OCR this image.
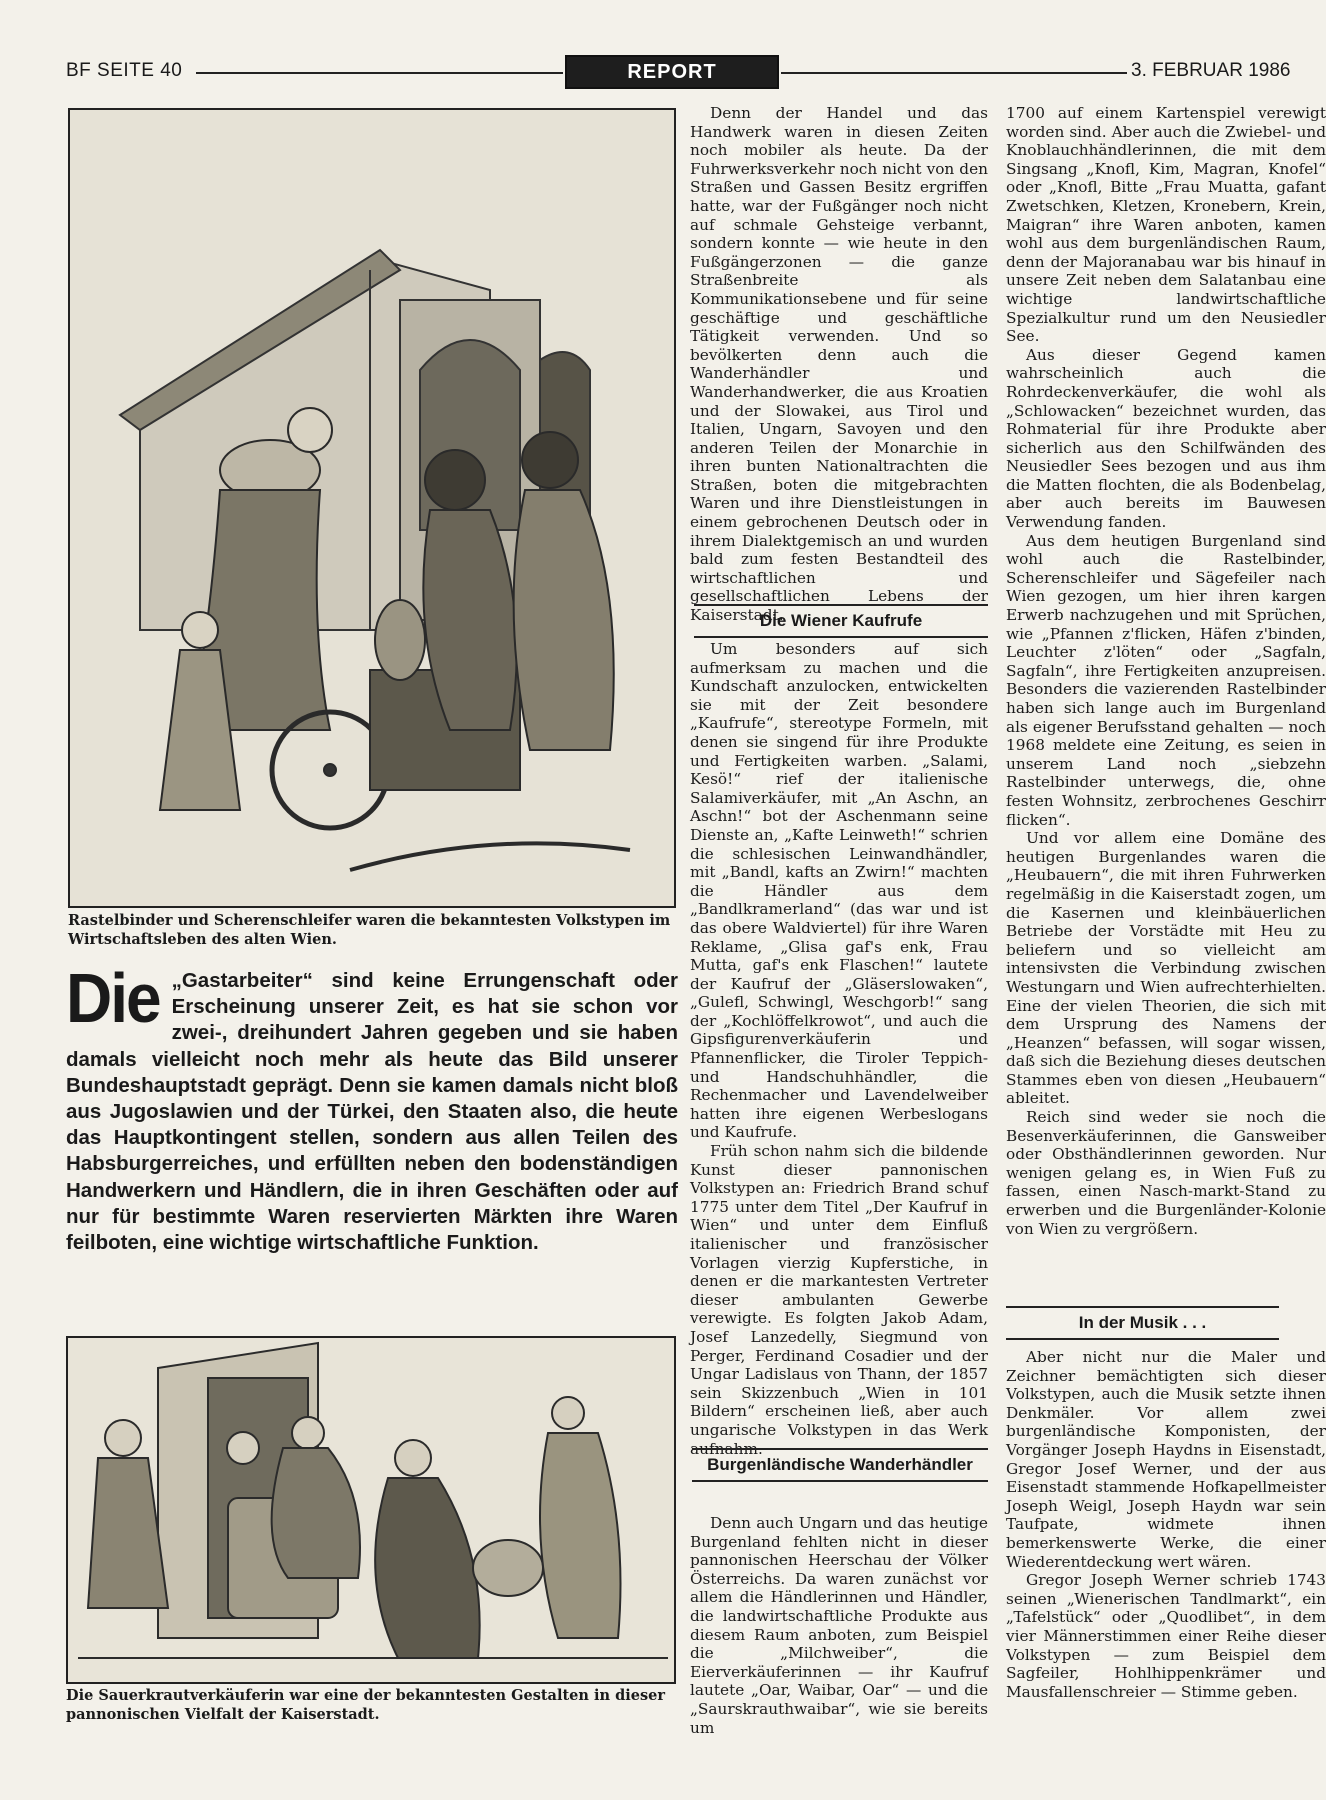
BF SEITE 40	REPORT	3. FEBRUAR 1986
Rastelbinder und Scherenschleifer waren die bekanntesten Volkstypen im Wirtschaftsleben des alten Wien.
Die „Gastarbeiter“ sind keine Errungenschaft oder Erscheinung unserer Zeit, es hat sie schon vor zwei-, dreihundert Jahren gegeben und sie haben damals vielleicht noch mehr als heute das Bild unserer Bundeshauptstadt geprägt. Denn sie kamen damals nicht bloß aus Jugoslawien und der Türkei, den Staaten also, die heute das Hauptkontingent stellen, sondern aus allen Teilen des Habsburgerreiches, und erfüllten neben den bodenständigen Handwerkern und Händlern, die in ihren Geschäften oder auf nur für bestimmte Waren reservierten Märkten ihre Waren feilboten, eine wichtige wirtschaftliche Funktion.
Die Sauerkrautverkäuferin war eine der bekanntesten Gestalten in dieser pannonischen Vielfalt der Kaiserstadt.

Denn der Handel und das Handwerk waren in diesen Zeiten noch mobiler als heute. Da der Fuhrwerksverkehr noch nicht von den Straßen und Gassen Besitz ergriffen hatte, war der Fußgänger noch nicht auf schmale Gehsteige verbannt, sondern konnte — wie heute in den Fußgängerzonen — die ganze Straßenbreite als Kommunikationsebene und für seine geschäftige und geschäftliche Tätigkeit verwenden. Und so bevölkerten denn auch die Wanderhändler und Wanderhandwerker, die aus Kroatien und der Slowakei, aus Tirol und Italien, Ungarn, Savoyen und den anderen Teilen der Monarchie in ihren bunten Nationaltrachten die Straßen, boten die mitgebrachten Waren und ihre Dienstleistungen in einem gebrochenen Deutsch oder in ihrem Dialektgemisch an und wurden bald zum festen Bestandteil des wirtschaftlichen und gesellschaftlichen Lebens der Kaiserstadt.

Die Wiener Kaufrufe

Um besonders auf sich aufmerksam zu machen und die Kundschaft anzulocken, entwickelten sie mit der Zeit besondere „Kaufrufe“, stereotype Formeln, mit denen sie singend für ihre Produkte und Fertigkeiten warben. „Salami, Kesö!“ rief der italienische Salamiverkäufer, mit „An Aschn, an Aschn!“ bot der Aschenmann seine Dienste an, „Kafte Leinweth!“ schrien die schlesischen Leinwandhändler, mit „Bandl, kafts an Zwirn!“ machten die Händler aus dem „Bandlkramerland“ (das war und ist das obere Waldviertel) für ihre Waren Reklame, „Glisa gaf's enk, Frau Mutta, gaf's enk Flaschen!“ lautete der Kaufruf der „Gläserslowaken“, „Gulefl, Schwingl, Weschgorb!“ sang der „Kochlöffelkrowot“, und auch die Gipsfigurenverkäuferin und Pfannenflicker, die Tiroler Teppich- und Handschuhhändler, die Rechenmacher und Lavendelweiber hatten ihre eigenen Werbeslogans und Kaufrufe.

Früh schon nahm sich die bildende Kunst dieser pannonischen Volkstypen an: Friedrich Brand schuf 1775 unter dem Titel „Der Kaufruf in Wien“ und unter dem Einfluß italienischer und französischer Vorlagen vierzig Kupferstiche, in denen er die markantesten Vertreter dieser ambulanten Gewerbe verewigte. Es folgten Jakob Adam, Josef Lanzedelly, Siegmund von Perger, Ferdinand Cosadier und der Ungar Ladislaus von Thann, der 1857 sein Skizzenbuch „Wien in 101 Bildern“ erscheinen ließ, aber auch ungarische Volkstypen in das Werk aufnahm.

Burgenländische Wanderhändler

Denn auch Ungarn und das heutige Burgenland fehlten nicht in dieser pannonischen Heerschau der Völker Österreichs. Da waren zunächst vor allem die Händlerinnen und Händler, die landwirtschaftliche Produkte aus diesem Raum anboten, zum Beispiel die „Milchweiber“, die Eierverkäuferinnen — ihr Kaufruf lautete „Oar, Waibar, Oar“ — und die „Saurskrauthwaibar“, wie sie bereits um

1700 auf einem Kartenspiel verewigt worden sind. Aber auch die Zwiebel- und Knoblauchhändlerinnen, die mit dem Singsang „Knofl, Kim, Magran, Knofel“ oder „Knofl, Bitte „Frau Muatta, gafant Zwetschken, Kletzen, Kronebern, Krein, Maigran“ ihre Waren anboten, kamen wohl aus dem burgenländischen Raum, denn der Majoranabau war bis hinauf in unsere Zeit neben dem Salatanbau eine wichtige landwirtschaftliche Spezialkultur rund um den Neusiedler See.

Aus dieser Gegend kamen wahrscheinlich auch die Rohrdeckenverkäufer, die wohl als „Schlowacken“ bezeichnet wurden, das Rohmaterial für ihre Produkte aber sicherlich aus den Schilfwänden des Neusiedler Sees bezogen und aus ihm die Matten flochten, die als Bodenbelag, aber auch bereits im Bauwesen Verwendung fanden.

Aus dem heutigen Burgenland sind wohl auch die Rastelbinder, Scherenschleifer und Sägefeiler nach Wien gezogen, um hier ihren kargen Erwerb nachzugehen und mit Sprüchen, wie „Pfannen z'flicken, Häfen z'binden, Leuchter z'löten“ oder „Sagfaln, Sagfaln“, ihre Fertigkeiten anzupreisen. Besonders die vazierenden Rastelbinder haben sich lange auch im Burgenland als eigener Berufsstand gehalten — noch 1968 meldete eine Zeitung, es seien in unserem Land noch „siebzehn Rastelbinder unterwegs, die, ohne festen Wohnsitz, zerbrochenes Geschirr flicken“.

Und vor allem eine Domäne des heutigen Burgenlandes waren die „Heubauern“, die mit ihren Fuhrwerken regelmäßig in die Kaiserstadt zogen, um die Kasernen und kleinbäuerlichen Betriebe der Vorstädte mit Heu zu beliefern und so vielleicht am intensivsten die Verbindung zwischen Westungarn und Wien aufrechterhielten. Eine der vielen Theorien, die sich mit dem Ursprung des Namens der „Heanzen“ befassen, will sogar wissen, daß sich die Beziehung dieses deutschen Stammes eben von diesen „Heubauern“ ableitet.

Reich sind weder sie noch die Besenverkäuferinnen, die Gansweiber oder Obsthändlerinnen geworden. Nur wenigen gelang es, in Wien Fuß zu fassen, einen Nasch-markt-Stand zu erwerben und die Burgenländer-Kolonie von Wien zu vergrößern.

In der Musik . . .

Aber nicht nur die Maler und Zeichner bemächtigten sich dieser Volkstypen, auch die Musik setzte ihnen Denkmäler. Vor allem zwei burgenländische Komponisten, der Vorgänger Joseph Haydns in Eisenstadt, Gregor Josef Werner, und der aus Eisenstadt stammende Hofkapellmeister Joseph Weigl, Joseph Haydn war sein Taufpate, widmete ihnen bemerkenswerte Werke, die einer Wiederentdeckung wert wären.

Gregor Joseph Werner schrieb 1743 seinen „Wienerischen Tandlmarkt“, ein „Tafelstück“ oder „Quodlibet“, in dem vier Männerstimmen einer Reihe dieser Volkstypen — zum Beispiel dem Sagfeiler, Hohlhippenkrämer und Mausfallenschreier — Stimme geben.
